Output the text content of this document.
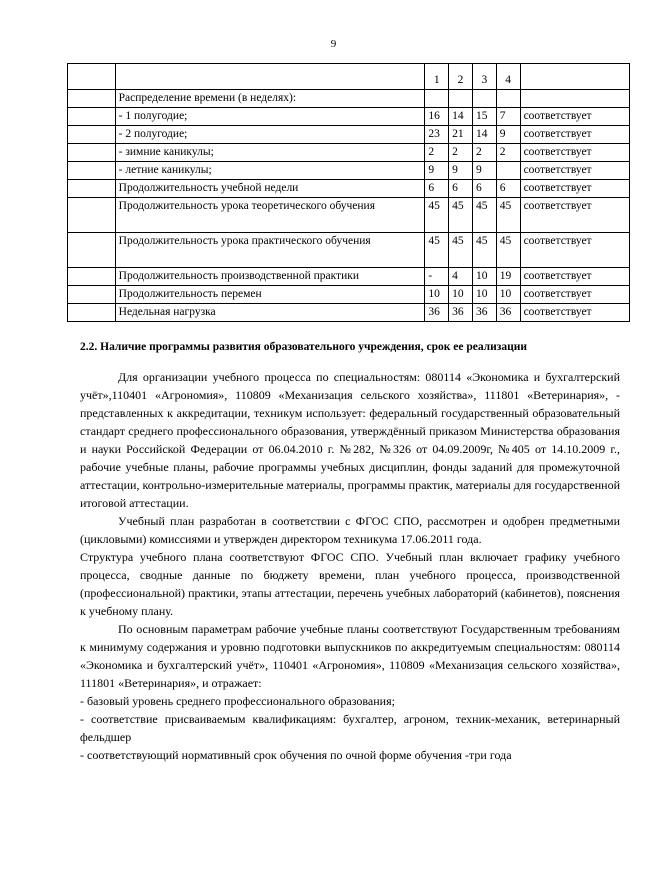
9
		1	2	3	4	
	Распределение времени (в неделях):					
	- 1 полугодие;	16	14	15	7	соответствует
	- 2 полугодие;	23	21	14	9	соответствует
	- зимние каникулы;	2	2	2	2	соответствует
	- летние каникулы;	9	9	9		соответствует
	Продолжительность учебной недели	6	6	6	6	соответствует
	Продолжительность урока теоретического обучения	45	45	45	45	соответствует
	Продолжительность урока практического обучения	45	45	45	45	соответствует
	Продолжительность производственной практики	-	4	10	19	соответствует
	Продолжительность перемен	10	10	10	10	соответствует
	Недельная нагрузка	36	36	36	36	соответствует
2.2. Наличие программы развития образовательного учреждения, срок ее реализации

Для организации учебного процесса по специальностям: 080114 «Экономика и бухгалтерский учёт»,110401 «Агрономия», 110809 «Механизация сельского хозяйства», 111801 «Ветеринария», - представленных к аккредитации, техникум использует: федеральный государственный образовательный стандарт среднего профессионального образования, утверждённый приказом Министерства образования и науки Российской Федерации от 06.04.2010 г. №282, №326 от 04.09.2009г, №405 от 14.10.2009 г., рабочие учебные планы, рабочие программы учебных дисциплин, фонды заданий для промежуточной аттестации, контрольно-измерительные материалы, программы практик, материалы для государственной итоговой аттестации.

Учебный план разработан в соответствии с ФГОС СПО, рассмотрен и одобрен предметными (цикловыми) комиссиями и утвержден директором техникума 17.06.2011 года.

Структура учебного плана соответствуют ФГОС СПО. Учебный план включает графику учебного процесса, сводные данные по бюджету времени, план учебного процесса, производственной (профессиональной) практики, этапы аттестации, перечень учебных лабораторий (кабинетов), пояснения к учебному плану.

По основным параметрам рабочие учебные планы соответствуют Государственным требованиям к минимуму содержания и уровню подготовки выпускников по аккредитуемым специальностям: 080114 «Экономика и бухгалтерский учёт», 110401 «Агрономия», 110809 «Механизация сельского хозяйства», 111801 «Ветеринария», и отражает:

- базовый уровень среднего профессионального образования;

- соответствие присваиваемым квалификациям: бухгалтер, агроном, техник-механик, ветеринарный фельдшер

- соответствующий нормативный срок обучения по очной форме обучения -три года
